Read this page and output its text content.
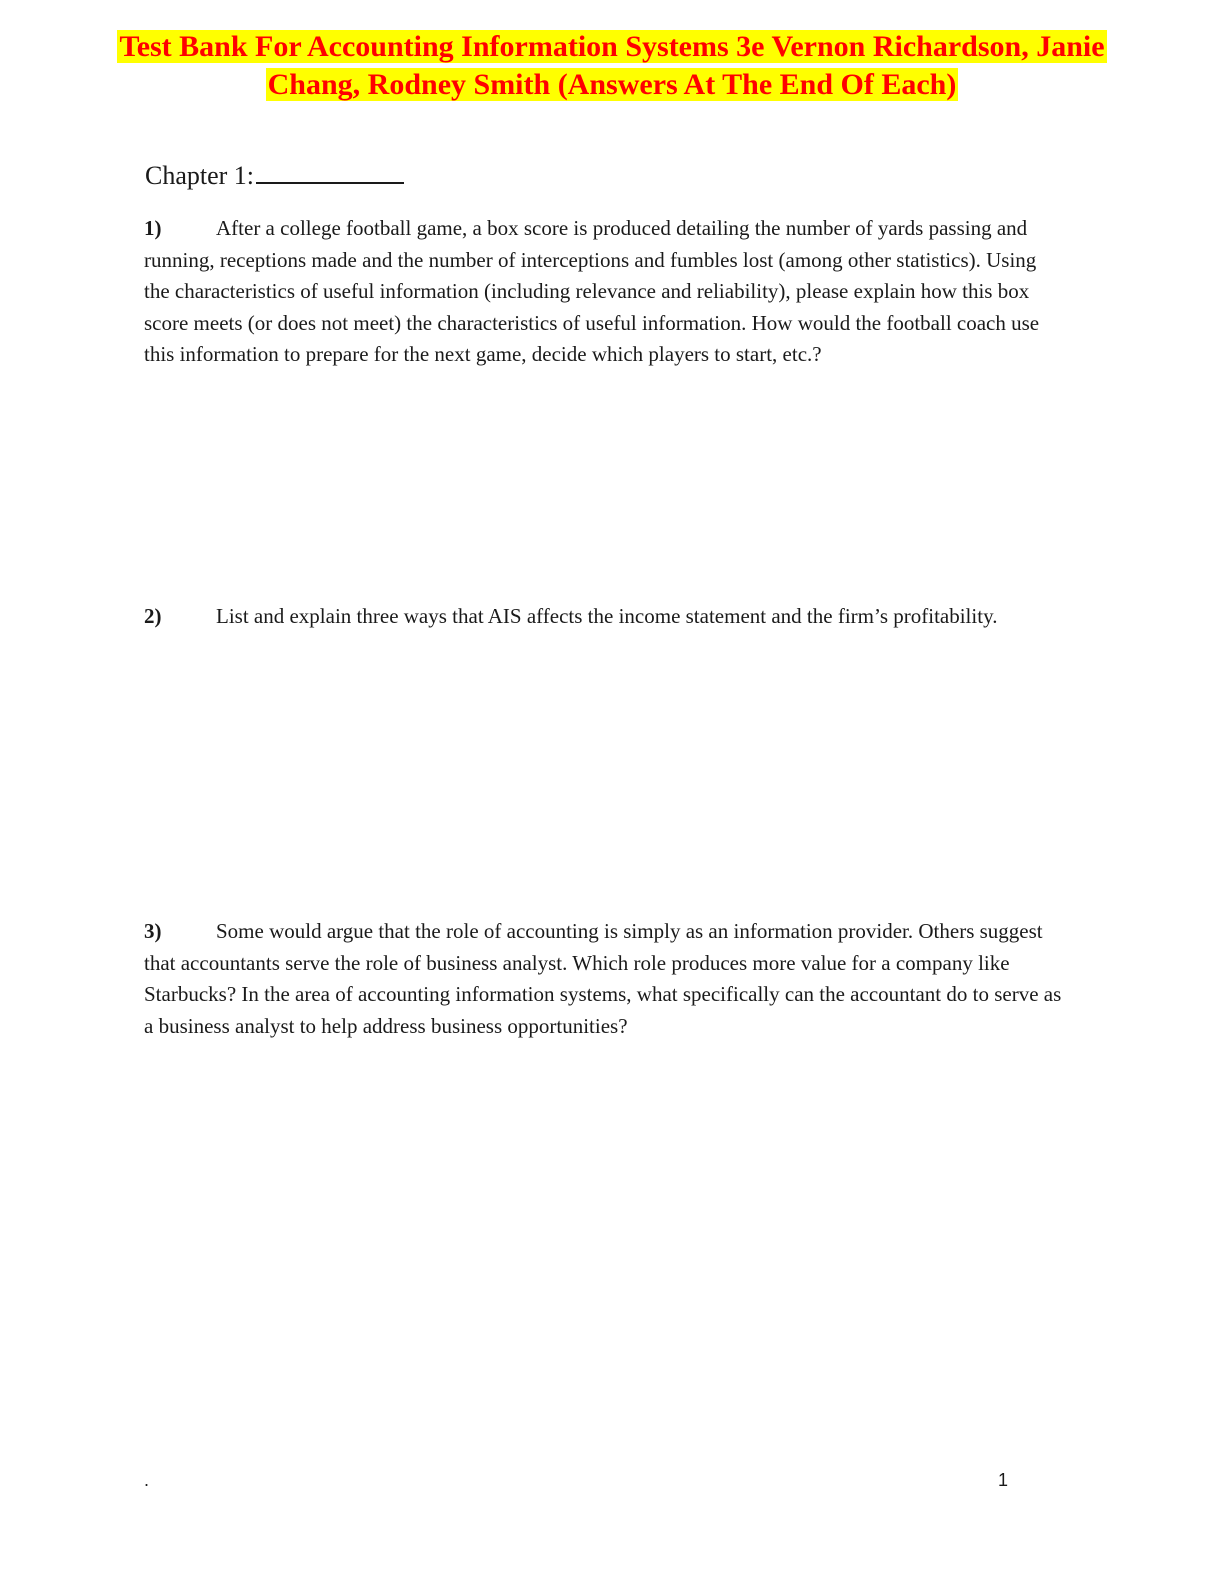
Test Bank For Accounting Information Systems 3e Vernon Richardson, Janie
Chang, Rodney Smith (Answers At The End Of Each)
Chapter 1:
1)	After a college football game, a box score is produced detailing the number of yards passing and running, receptions made and the number of interceptions and fumbles lost (among other statistics). Using the characteristics of useful information (including relevance and reliability), please explain how this box score meets (or does not meet) the characteristics of useful information. How would the football coach use this information to prepare for the next game, decide which players to start, etc.?
2)	List and explain three ways that AIS affects the income statement and the firm’s profitability.
3)	Some would argue that the role of accounting is simply as an information provider. Others suggest that accountants serve the role of business analyst. Which role produces more value for a company like Starbucks? In the area of accounting information systems, what specifically can the accountant do to serve as a business analyst to help address business opportunities?
.	1
